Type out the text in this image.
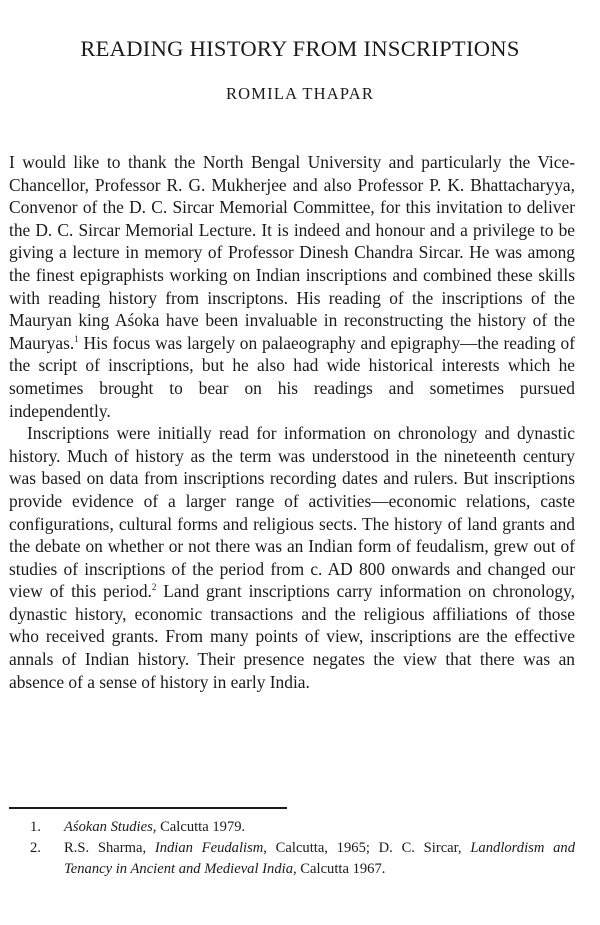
READING HISTORY FROM INSCRIPTIONS
ROMILA THAPAR

I would like to thank the North Bengal University and particularly the Vice-Chancellor, Professor R. G. Mukherjee and also Professor P. K. Bhattacharyya, Convenor of the D. C. Sircar Memorial Committee, for this invitation to deliver the D. C. Sircar Memorial Lecture. It is indeed and honour and a privilege to be giving a lecture in memory of Professor Dinesh Chandra Sircar. He was among the finest epigraphists working on Indian inscriptions and combined these skills with reading history from inscriptons. His reading of the inscriptions of the Mauryan king Aśoka have been invaluable in reconstructing the history of the Mauryas.$^1$ His focus was largely on palaeography and epigraphy—the reading of the script of inscriptions, but he also had wide historical interests which he sometimes brought to bear on his readings and sometimes pursued independently.

Inscriptions were initially read for information on chronology and dynastic history. Much of history as the term was understood in the nineteenth century was based on data from inscriptions recording dates and rulers. But inscriptions provide evidence of a larger range of activities—economic relations, caste configurations, cultural forms and religious sects. The history of land grants and the debate on whether or not there was an Indian form of feudalism, grew out of studies of inscriptions of the period from c. AD 800 onwards and changed our view of this period.$^2$ Land grant inscriptions carry information on chronology, dynastic history, economic transactions and the religious affiliations of those who received grants. From many points of view, inscriptions are the effective annals of Indian history. Their presence negates the view that there was an absence of a sense of history in early India.

1. Aśokan Studies, Calcutta 1979.
2. R.S. Sharma, Indian Feudalism, Calcutta, 1965; D. C. Sircar, Landlordism and Tenancy in Ancient and Medieval India, Calcutta 1967.
